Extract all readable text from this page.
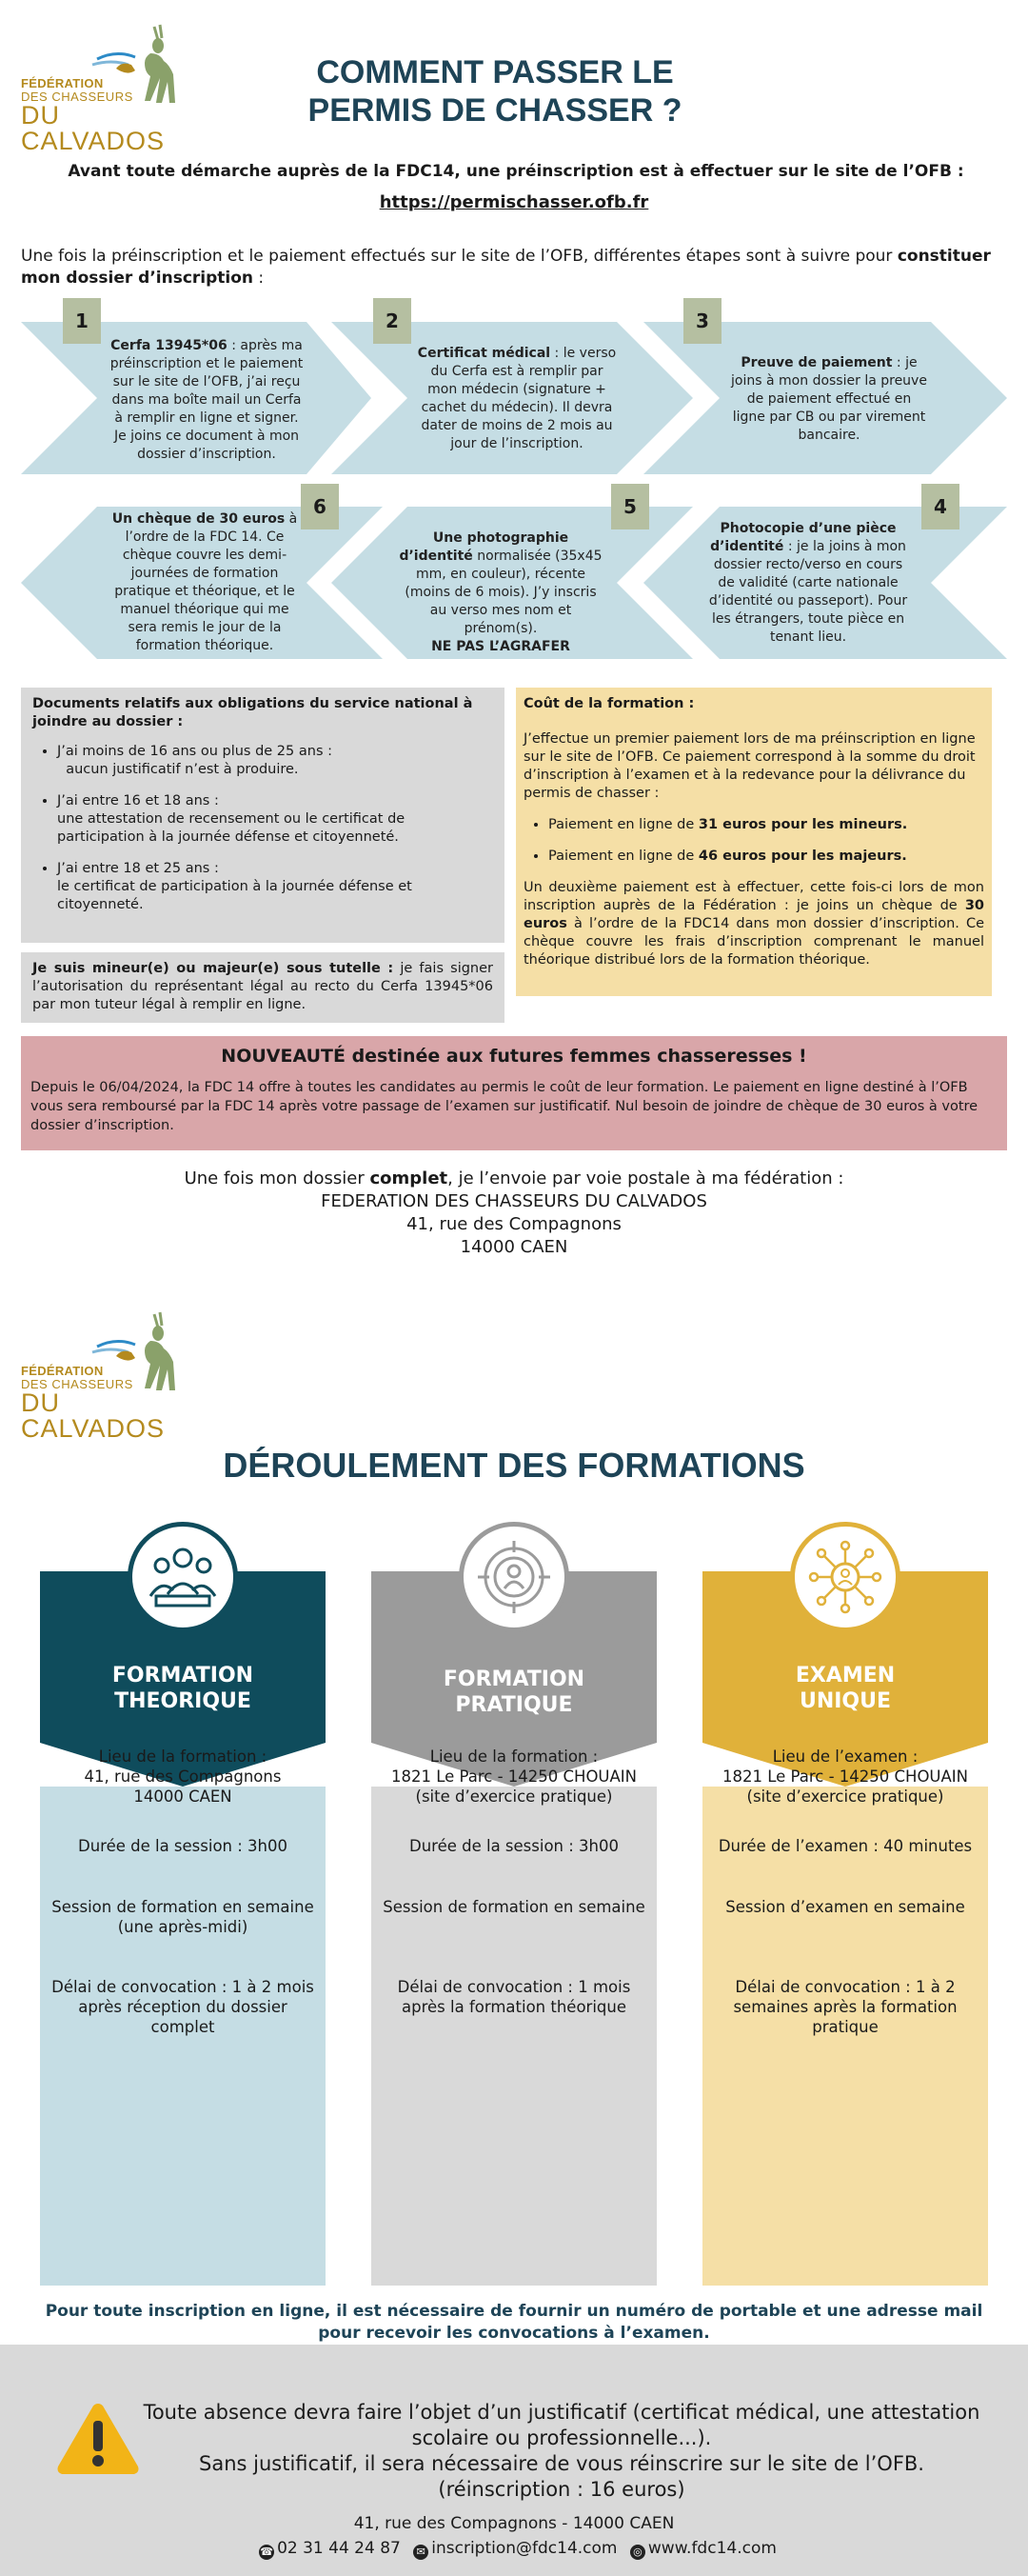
FÉDÉRATION
DES CHASSEURS
DU CALVADOS
COMMENT PASSER LE
PERMIS DE CHASSER ?
Avant toute démarche auprès de la FDC14, une préinscription est à effectuer sur le site de l’OFB :
https://permischasser.ofb.fr
Une fois la préinscription et le paiement effectués sur le site de l’OFB, différentes étapes sont à suivre pour constituer mon dossier d’inscription :
Cerfa 13945*06 : après ma préinscription et le paiement sur le site de l’OFB, j’ai reçu dans ma boîte mail un Cerfa à remplir en ligne et signer. Je joins ce document à mon dossier d’inscription.
1
Certificat médical : le verso du Cerfa est à remplir par mon médecin (signature + cachet du médecin). Il devra dater de moins de 2 mois au jour de l’inscription.
2
Preuve de paiement : je joins à mon dossier la preuve de paiement effectué en ligne par CB ou par virement bancaire.
3
Un chèque de 30 euros à l’ordre de la FDC 14. Ce chèque couvre les demi-journées de formation pratique et théorique, et le manuel théorique qui me sera remis le jour de la formation théorique.
6
Une photographie d’identité normalisée (35x45 mm, en couleur), récente (moins de 6 mois). J’y inscris au verso mes nom et prénom(s).
NE PAS L’AGRAFER
5
Photocopie d’une pièce d’identité : je la joins à mon dossier recto/verso en cours de validité (carte nationale d’identité ou passeport). Pour les étrangers, toute pièce en tenant lieu.
4
Documents relatifs aux obligations du service national à joindre au dossier :
• J’ai moins de 16 ans ou plus de 25 ans :
aucun justificatif n’est à produire.
• J’ai entre 16 et 18 ans :
une attestation de recensement ou le certificat de participation à la journée défense et citoyenneté.
• J’ai entre 18 et 25 ans :
le certificat de participation à la journée défense et citoyenneté.
Je suis mineur(e) ou majeur(e) sous tutelle : je fais signer l’autorisation du représentant légal au recto du Cerfa 13945*06 par mon tuteur légal à remplir en ligne.
Coût de la formation :

J’effectue un premier paiement lors de ma préinscription en ligne sur le site de l’OFB. Ce paiement correspond à la somme du droit d’inscription à l’examen et à la redevance pour la délivrance du permis de chasser :

• Paiement en ligne de 31 euros pour les mineurs.
• Paiement en ligne de 46 euros pour les majeurs.

Un deuxième paiement est à effectuer, cette fois-ci lors de mon inscription auprès de la Fédération : je joins un chèque de 30 euros à l’ordre de la FDC14 dans mon dossier d’inscription. Ce chèque couvre les frais d’inscription comprenant le manuel théorique distribué lors de la formation théorique.

NOUVEAUTÉ destinée aux futures femmes chasseresses !
Depuis le 06/04/2024, la FDC 14 offre à toutes les candidates au permis le coût de leur formation. Le paiement en ligne destiné à l’OFB vous sera remboursé par la FDC 14 après votre passage de l’examen sur justificatif. Nul besoin de joindre de chèque de 30 euros à votre dossier d’inscription.
Une fois mon dossier complet, je l’envoie par voie postale à ma fédération :
FEDERATION DES CHASSEURS DU CALVADOS
41, rue des Compagnons
14000 CAEN
FÉDÉRATION
DES CHASSEURS
DU CALVADOS
DÉROULEMENT DES FORMATIONS
FORMATION
THEORIQUE
Lieu de la formation :
41, rue des Compagnons
14000 CAEN
Durée de la session : 3h00
Session de formation en semaine
(une après-midi)
Délai de convocation : 1 à 2 mois après réception du dossier complet
FORMATION
PRATIQUE
Lieu de la formation :
1821 Le Parc - 14250 CHOUAIN
(site d’exercice pratique)
Durée de la session : 3h00
Session de formation en semaine
Délai de convocation : 1 mois après la formation théorique
EXAMEN
UNIQUE
Lieu de l’examen :
1821 Le Parc - 14250 CHOUAIN
(site d’exercice pratique)
Durée de l’examen : 40 minutes
Session d’examen en semaine
Délai de convocation : 1 à 2 semaines après la formation pratique
Pour toute inscription en ligne, il est nécessaire de fournir un numéro de portable et une adresse mail pour recevoir les convocations à l’examen.
Toute absence devra faire l’objet d’un justificatif (certificat médical, une attestation scolaire ou professionnelle...).
Sans justificatif, il sera nécessaire de vous réinscrire sur le site de l’OFB.
(réinscription : 16 euros)
41, rue des Compagnons - 14000 CAEN
☎ 02 31 44 24 87 ✉ inscription@fdc14.com ◎ www.fdc14.com
